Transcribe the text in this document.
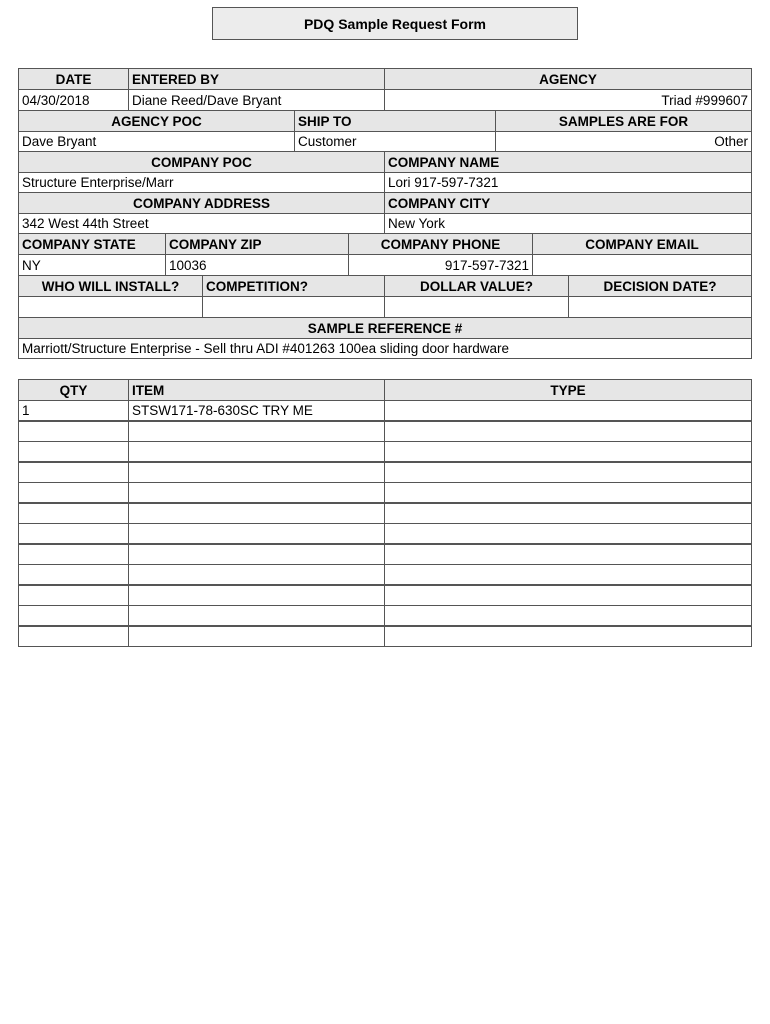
PDQ Sample Request Form
DATE	ENTERED BY	AGENCY
04/30/2018	Diane Reed/Dave Bryant	Triad #999607
AGENCY POC	SHIP TO	SAMPLES ARE FOR
Dave Bryant	Customer	Other
COMPANY POC	COMPANY NAME
Structure Enterprise/Marr	Lori 917-597-7321
COMPANY ADDRESS	COMPANY CITY
342 West 44th Street	New York
COMPANY STATE	COMPANY ZIP	COMPANY PHONE	COMPANY EMAIL
NY	10036	917-597-7321
WHO WILL INSTALL?	COMPETITION?	DOLLAR VALUE?	DECISION DATE?
SAMPLE REFERENCE #
Marriott/Structure Enterprise - Sell thru ADI #401263 100ea sliding door hardware
QTY	ITEM	TYPE
1	STSW171-78-630SC TRY ME
